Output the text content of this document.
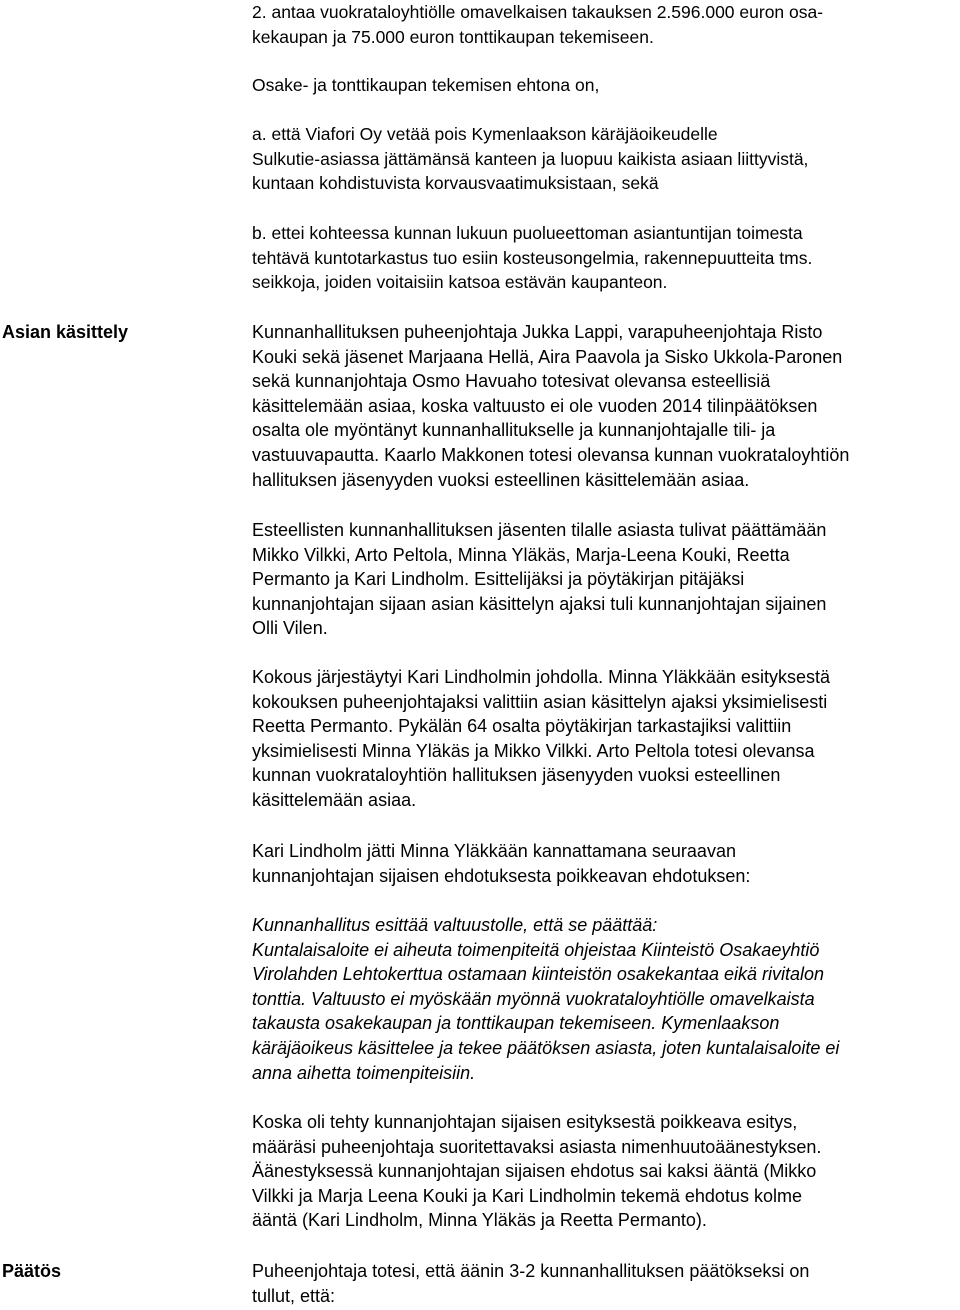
2. antaa vuokrataloyhtiölle omavelkaisen takauksen 2.596.000 euron osa-
kekaupan ja 75.000 euron tonttikaupan tekemiseen.
Osake- ja tonttikaupan tekemisen ehtona on,
a. että Viafori Oy vetää pois Kymenlaakson käräjäoikeudelle
Sulkutie-asiassa jättämänsä kanteen ja luopuu kaikista asiaan liittyvistä,
kuntaan kohdistuvista korvausvaatimuksistaan, sekä
b. ettei kohteessa kunnan lukuun puolueettoman asiantuntijan toimesta
tehtävä kuntotarkastus tuo esiin kosteusongelmia, rakennepuutteita tms.
seikkoja, joiden voitaisiin katsoa estävän kaupanteon.
Asian käsittely	Kunnanhallituksen puheenjohtaja Jukka Lappi, varapuheenjohtaja Risto
Kouki sekä jäsenet Marjaana Hellä, Aira Paavola ja Sisko Ukkola-Paronen
sekä kunnanjohtaja Osmo Havuaho totesivat olevansa esteellisiä
käsittelemään asiaa, koska valtuusto ei ole vuoden 2014 tilinpäätöksen
osalta ole myöntänyt kunnanhallitukselle ja kunnanjohtajalle tili- ja
vastuuvapautta. Kaarlo Makkonen totesi olevansa kunnan vuokrataloyhtiön
hallituksen jäsenyyden vuoksi esteellinen käsittelemään asiaa.
Esteellisten kunnanhallituksen jäsenten tilalle asiasta tulivat päättämään
Mikko Vilkki, Arto Peltola, Minna Yläkäs, Marja-Leena Kouki, Reetta
Permanto ja Kari Lindholm. Esittelijäksi ja pöytäkirjan pitäjäksi
kunnanjohtajan sijaan asian käsittelyn ajaksi tuli kunnanjohtajan sijainen
Olli Vilen.
Kokous järjestäytyi Kari Lindholmin johdolla. Minna Yläkkään esityksestä
kokouksen puheenjohtajaksi valittiin asian käsittelyn ajaksi yksimielisesti
Reetta Permanto. Pykälän 64 osalta pöytäkirjan tarkastajiksi valittiin
yksimielisesti Minna Yläkäs ja Mikko Vilkki. Arto Peltola totesi olevansa
kunnan vuokrataloyhtiön hallituksen jäsenyyden vuoksi esteellinen
käsittelemään asiaa.
Kari Lindholm jätti Minna Yläkkään kannattamana seuraavan
kunnanjohtajan sijaisen ehdotuksesta poikkeavan ehdotuksen:
Kunnanhallitus esittää valtuustolle, että se päättää:
Kuntalaisaloite ei aiheuta toimenpiteitä ohjeistaa Kiinteistö Osakaeyhtiö
Virolahden Lehtokerttua ostamaan kiinteistön osakekantaa eikä rivitalon
tonttia. Valtuusto ei myöskään myönnä vuokrataloyhtiölle omavelkaista
takausta osakekaupan ja tonttikaupan tekemiseen. Kymenlaakson
käräjäoikeus käsittelee ja tekee päätöksen asiasta, joten kuntalaisaloite ei
anna aihetta toimenpiteisiin.
Koska oli tehty kunnanjohtajan sijaisen esityksestä poikkeava esitys,
määräsi puheenjohtaja suoritettavaksi asiasta nimenhuutoäänestyksen.
Äänestyksessä kunnanjohtajan sijaisen ehdotus sai kaksi ääntä (Mikko
Vilkki ja Marja Leena Kouki ja Kari Lindholmin tekemä ehdotus kolme
ääntä (Kari Lindholm, Minna Yläkäs ja Reetta Permanto).
Päätös	Puheenjohtaja totesi, että äänin 3-2 kunnanhallituksen päätökseksi on
tullut, että:
